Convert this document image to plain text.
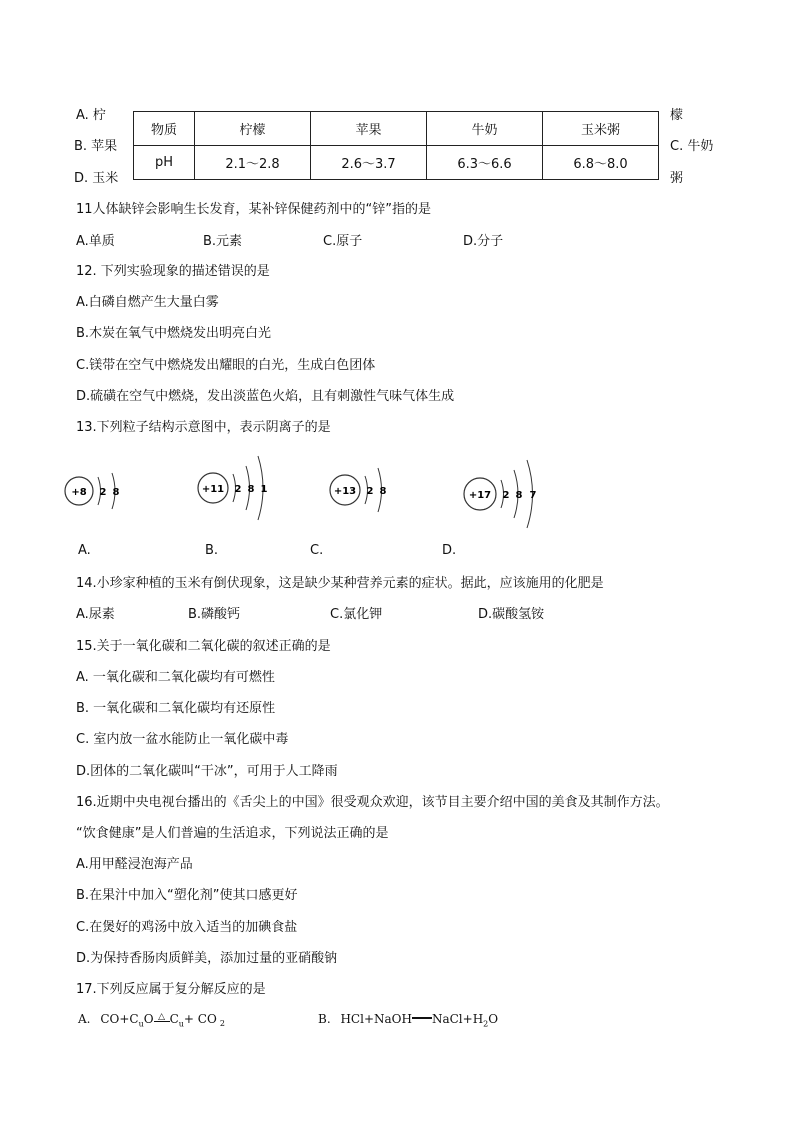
A. 柠
B. 苹果
D. 玉米
物质	柠檬	苹果	牛奶	玉米粥
pH	2.1～2.8	2.6～3.7	6.3～6.6	6.8～8.0
檬
C. 牛奶
粥
11人体缺锌会影响生长发育，某补锌保健药剂中的“锌”指的是
A.单质	B.元素	C.原子	D.分子
12. 下列实验现象的描述错误的是
A.白磷自燃产生大量白雾
B.木炭在氧气中燃烧发出明亮白光
C.镁带在空气中燃烧发出耀眼的白光，生成白色团体
D.硫磺在空气中燃烧，发出淡蓝色火焰，且有刺激性气味气体生成
13.下列粒子结构示意图中，表示阴离子的是
+8 2 8	+11 2 8 1	+13 2 8	+17 2 8 7
A.	B.	C.	D.
14.小珍家种植的玉米有倒伏现象，这是缺少某种营养元素的症状。据此，应该施用的化肥是
A.尿素	B.磷酸钙	C.氯化钾	D.碳酸氢铵
15.关于一氧化碳和二氧化碳的叙述正确的是
A. 一氧化碳和二氧化碳均有可燃性
B. 一氧化碳和二氧化碳均有还原性
C. 室内放一盆水能防止一氧化碳中毒
D.团体的二氧化碳叫“干冰”，可用于人工降雨
16.近期中央电视台播出的《舌尖上的中国》很受观众欢迎，该节目主要介绍中国的美食及其制作方法。
“饮食健康”是人们普遍的生活追求，下列说法正确的是
A.用甲醛浸泡海产品
B.在果汁中加入“塑化剂”使其口感更好
C.在煲好的鸡汤中放入适当的加碘食盐
D.为保持香肠肉质鲜美，添加过量的亚硝酸钠
17.下列反应属于复分解反应的是
A. $CO+C_uO$ △ $C_u+$ CO $_2$	B. HCl+NaOH $NaCl+H_2O$
